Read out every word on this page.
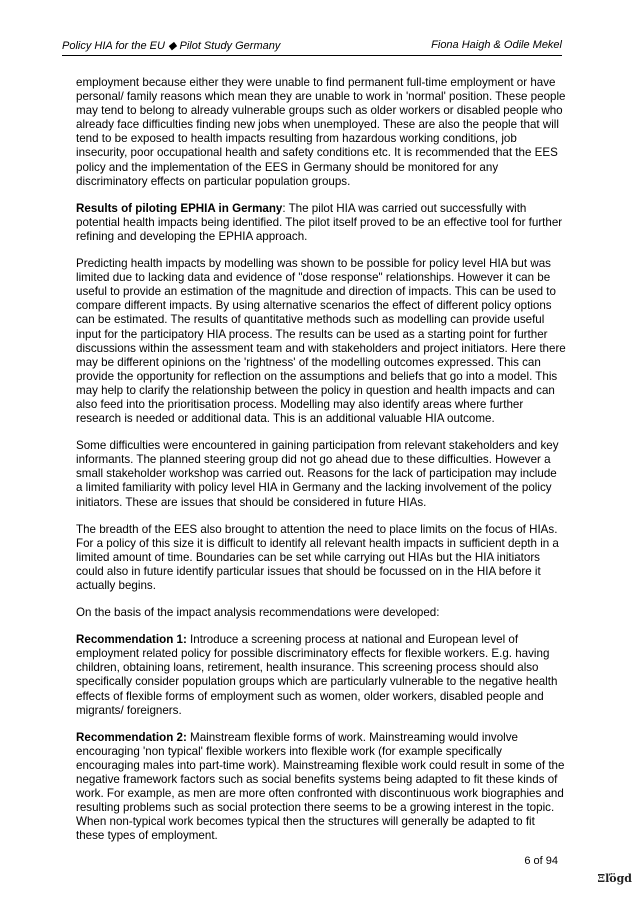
Policy HIA for the EU ◆ Pilot Study Germany	Fiona Haigh & Odile Mekel

employment because either they were unable to find permanent full-time employment or have personal/ family reasons which mean they are unable to work in 'normal' position. These people may tend to belong to already vulnerable groups such as older workers or disabled people who already face difficulties finding new jobs when unemployed. These are also the people that will tend to be exposed to health impacts resulting from hazardous working conditions, job insecurity, poor occupational health and safety conditions etc. It is recommended that the EES policy and the implementation of the EES in Germany should be monitored for any discriminatory effects on particular population groups.

Results of piloting EPHIA in Germany: The pilot HIA was carried out successfully with potential health impacts being identified. The pilot itself proved to be an effective tool for further refining and developing the EPHIA approach.

Predicting health impacts by modelling was shown to be possible for policy level HIA but was limited due to lacking data and evidence of "dose response" relationships. However it can be useful to provide an estimation of the magnitude and direction of impacts. This can be used to compare different impacts. By using alternative scenarios the effect of different policy options can be estimated. The results of quantitative methods such as modelling can provide useful input for the participatory HIA process. The results can be used as a starting point for further discussions within the assessment team and with stakeholders and project initiators. Here there may be different opinions on the 'rightness' of the modelling outcomes expressed. This can provide the opportunity for reflection on the assumptions and beliefs that go into a model. This may help to clarify the relationship between the policy in question and health impacts and can also feed into the prioritisation process. Modelling may also identify areas where further research is needed or additional data. This is an additional valuable HIA outcome.

Some difficulties were encountered in gaining participation from relevant stakeholders and key informants. The planned steering group did not go ahead due to these difficulties. However a small stakeholder workshop was carried out. Reasons for the lack of participation may include a limited familiarity with policy level HIA in Germany and the lacking involvement of the policy initiators. These are issues that should be considered in future HIAs.

The breadth of the EES also brought to attention the need to place limits on the focus of HIAs. For a policy of this size it is difficult to identify all relevant health impacts in sufficient depth in a limited amount of time. Boundaries can be set while carrying out HIAs but the HIA initiators could also in future identify particular issues that should be focussed on in the HIA before it actually begins.

On the basis of the impact analysis recommendations were developed:

Recommendation 1: Introduce a screening process at national and European level of employment related policy for possible discriminatory effects for flexible workers. E.g. having children, obtaining loans, retirement, health insurance. This screening process should also specifically consider population groups which are particularly vulnerable to the negative health effects of flexible forms of employment such as women, older workers, disabled people and migrants/ foreigners.

Recommendation 2: Mainstream flexible forms of work. Mainstreaming would involve encouraging 'non typical' flexible workers into flexible work (for example specifically encouraging males into part-time work). Mainstreaming flexible work could result in some of the negative framework factors such as social benefits systems being adapted to fit these kinds of work. For example, as men are more often confronted with discontinuous work biographies and resulting problems such as social protection there seems to be a growing interest in the topic. When non-typical work becomes typical then the structures will generally be adapted to fit these types of employment.

6 of 94
Ξľögd
